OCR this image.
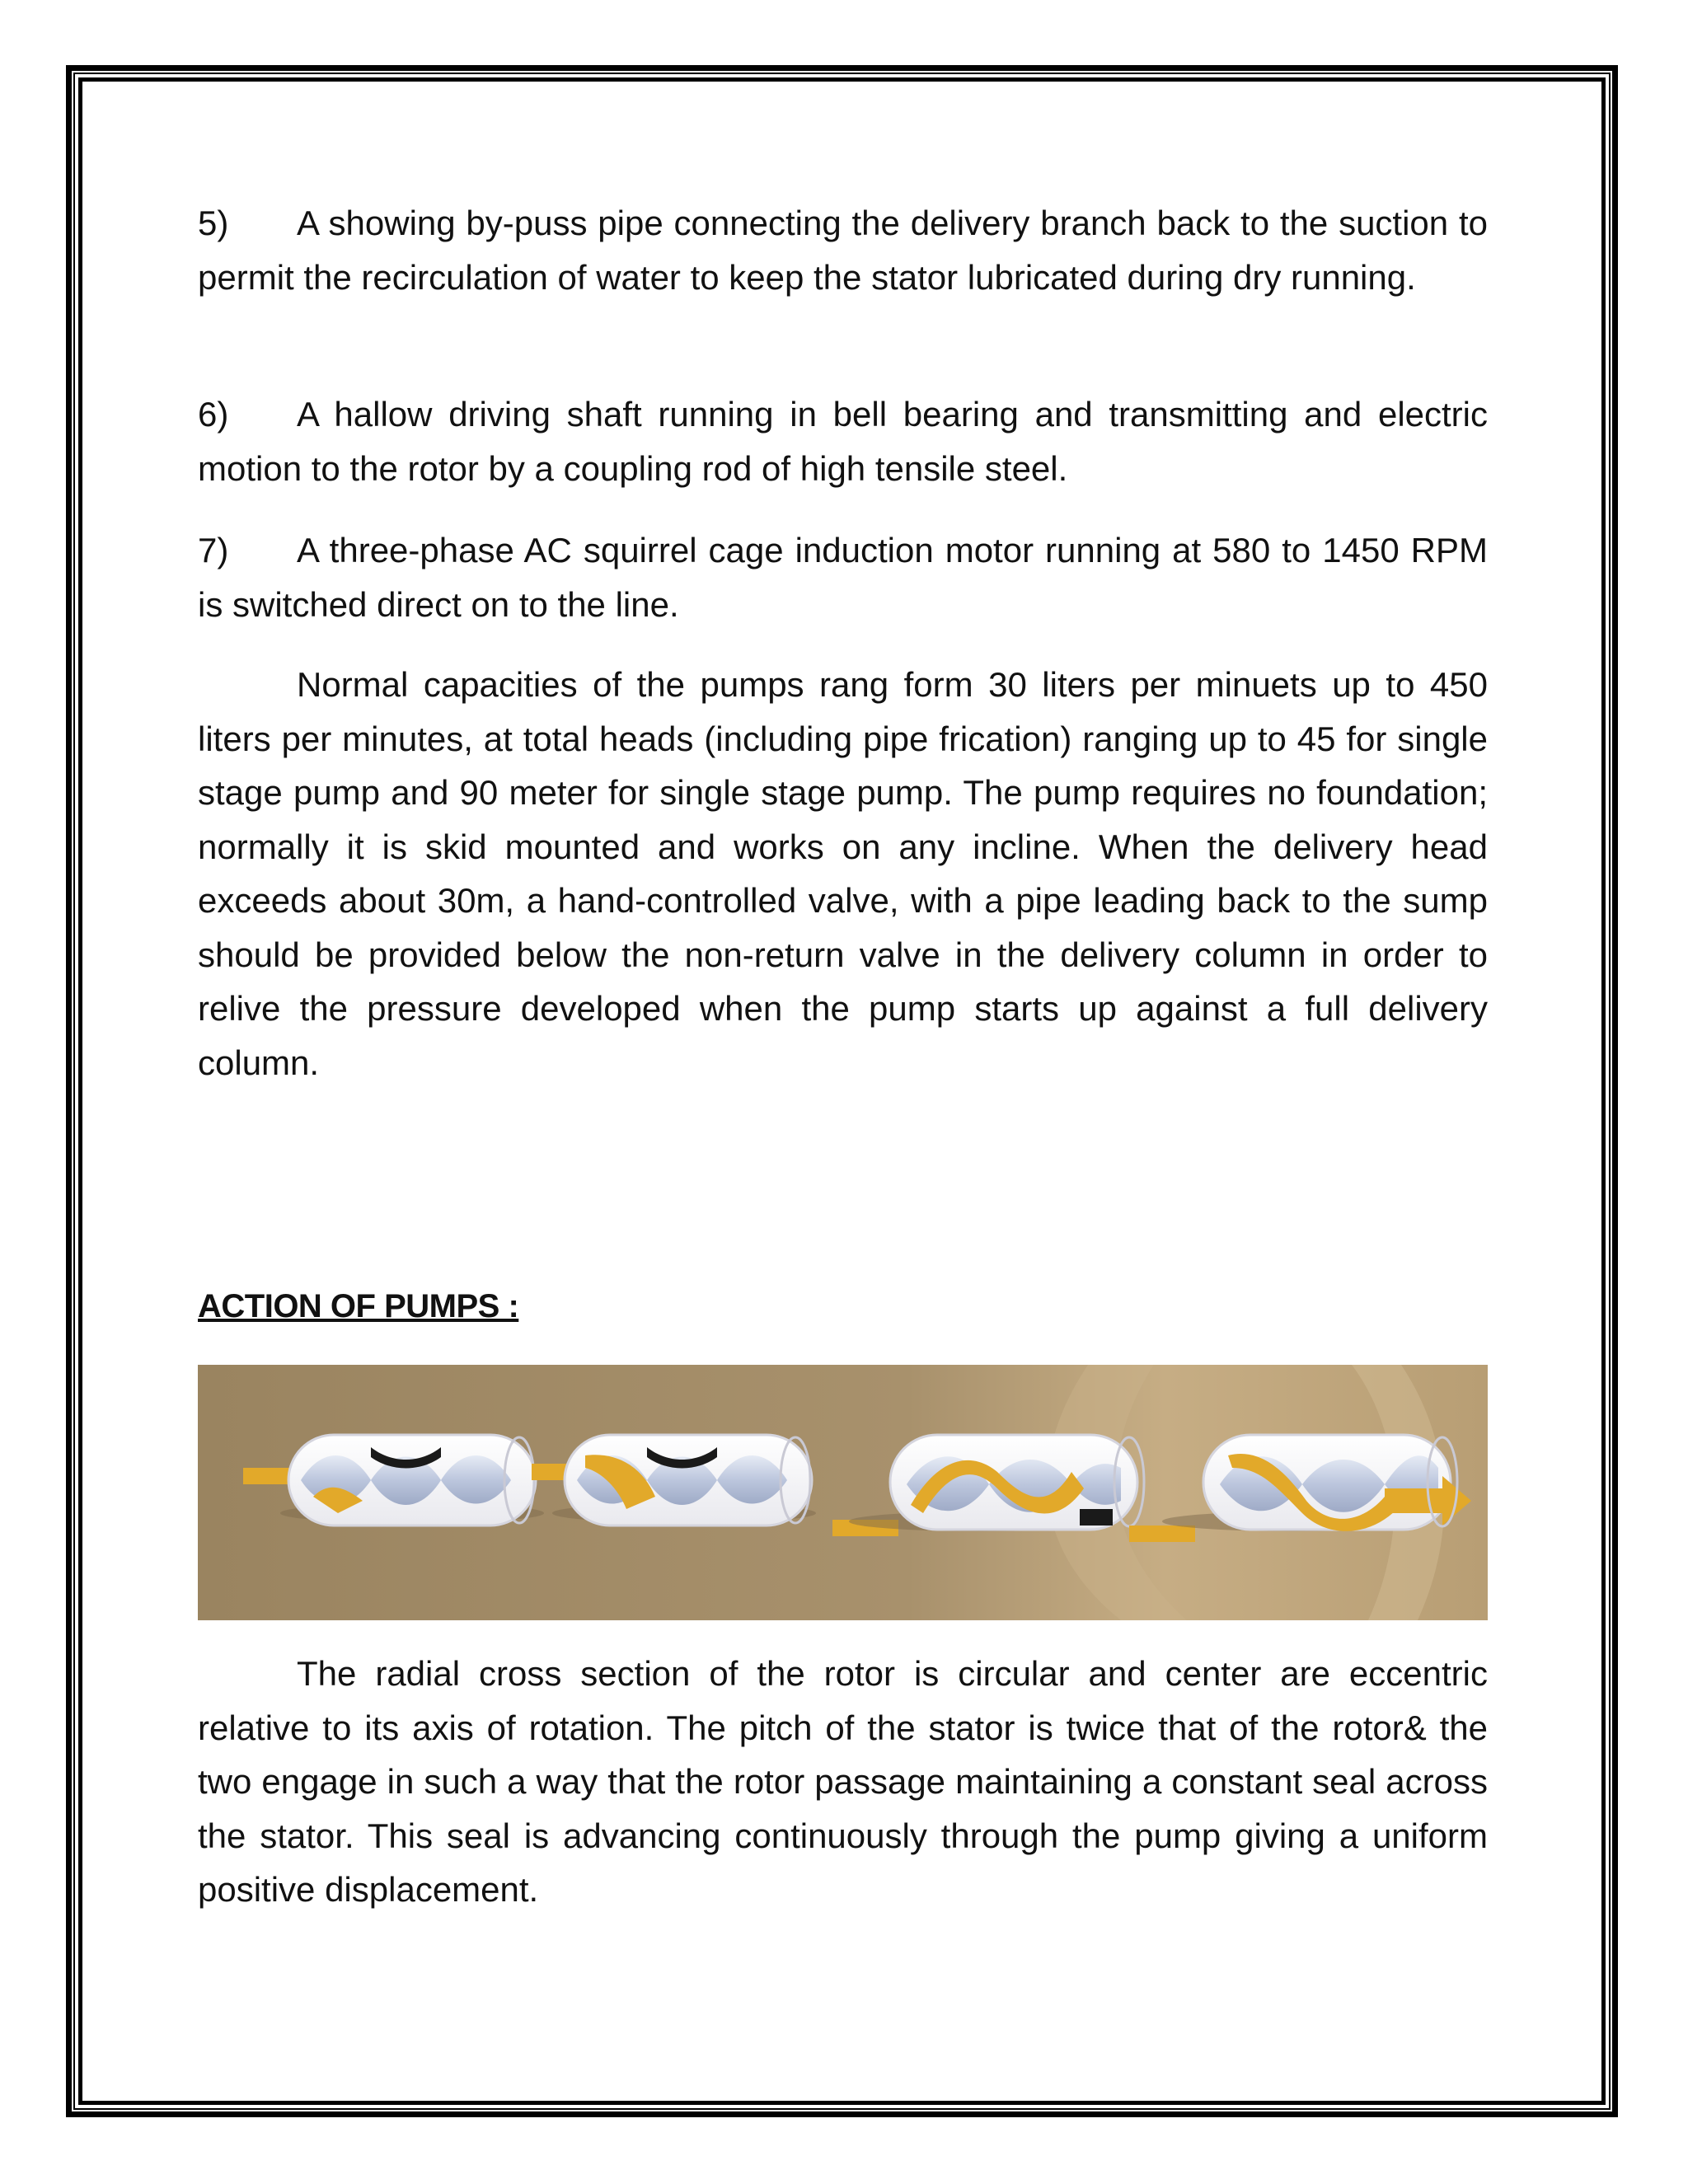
5) A showing by-puss pipe connecting the delivery branch back to the suction to permit the recirculation of water to keep the stator lubricated during dry running.

6) A hallow driving shaft running in bell bearing and transmitting and electric motion to the rotor by a coupling rod of high tensile steel.

7) A three-phase AC squirrel cage induction motor running at 580 to 1450 RPM is switched direct on to the line.

Normal capacities of the pumps rang form 30 liters per minuets up to 450 liters per minutes, at total heads (including pipe frication) ranging up to 45 for single stage pump and 90 meter for single stage pump. The pump requires no foundation; normally it is skid mounted and works on any incline. When the delivery head exceeds about 30m, a hand-controlled valve, with a pipe leading back to the sump should be provided below the non-return valve in the delivery column in order to relive the pressure developed when the pump starts up against a full delivery column.

ACTION OF PUMPS :

The radial cross section of the rotor is circular and center are eccentric relative to its axis of rotation. The pitch of the stator is twice that of the rotor& the two engage in such a way that the rotor passage maintaining a constant seal across the stator. This seal is advancing continuously through the pump giving a uniform positive displacement.
